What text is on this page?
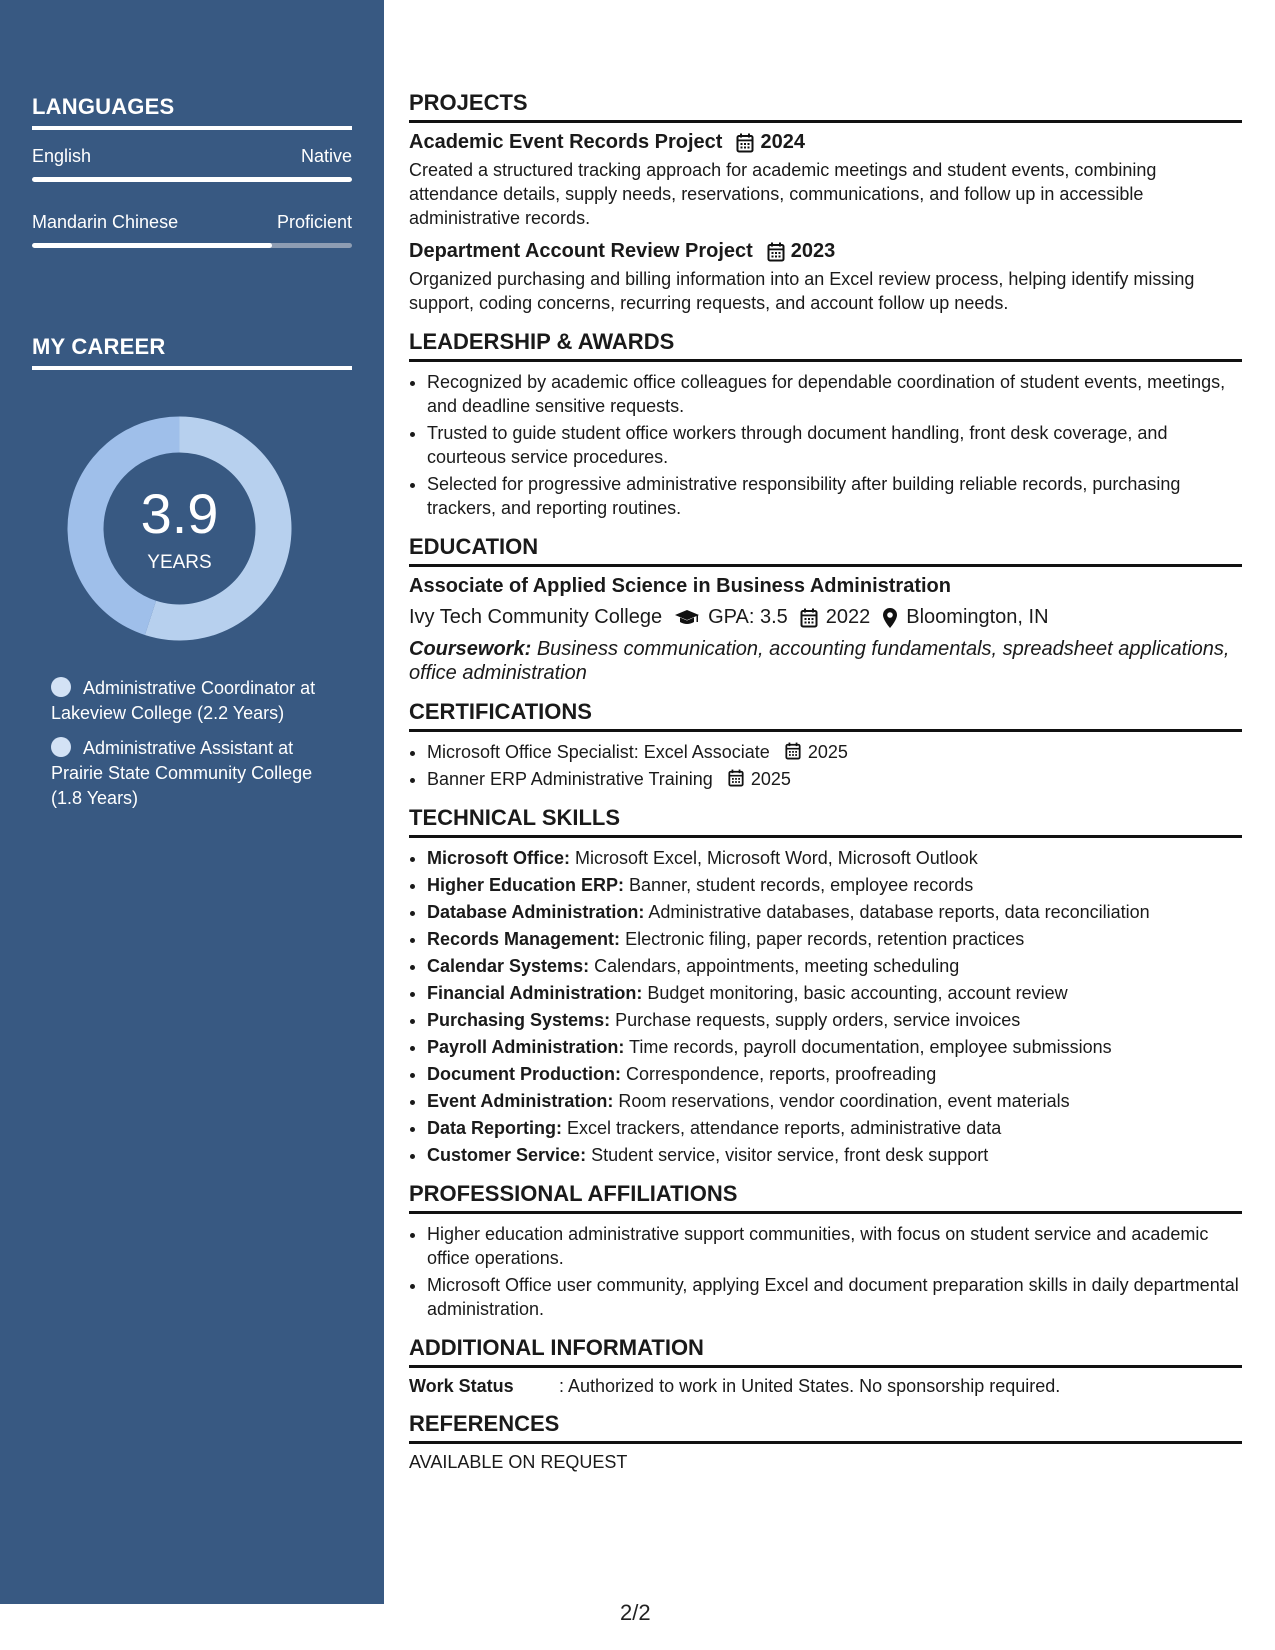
LANGUAGES
English	Native
Mandarin Chinese	Proficient
MY CAREER
3.9
YEARS
Administrative Coordinator at Lakeview College (2.2 Years)
Administrative Assistant at Prairie State Community College (1.8 Years)
PROJECTS
Academic Event Records Project 2024
Created a structured tracking approach for academic meetings and student events, combining attendance details, supply needs, reservations, communications, and follow up in accessible administrative records.
Department Account Review Project 2023
Organized purchasing and billing information into an Excel review process, helping identify missing support, coding concerns, recurring requests, and account follow up needs.
LEADERSHIP & AWARDS
• Recognized by academic office colleagues for dependable coordination of student events, meetings, and deadline sensitive requests.
• Trusted to guide student office workers through document handling, front desk coverage, and courteous service procedures.
• Selected for progressive administrative responsibility after building reliable records, purchasing trackers, and reporting routines.
EDUCATION
Associate of Applied Science in Business Administration
Ivy Tech Community College GPA: 3.5 2022 Bloomington, IN
Coursework: Business communication, accounting fundamentals, spreadsheet applications, office administration
CERTIFICATIONS
• Microsoft Office Specialist: Excel Associate 2025
• Banner ERP Administrative Training 2025
TECHNICAL SKILLS
• Microsoft Office: Microsoft Excel, Microsoft Word, Microsoft Outlook
• Higher Education ERP: Banner, student records, employee records
• Database Administration: Administrative databases, database reports, data reconciliation
• Records Management: Electronic filing, paper records, retention practices
• Calendar Systems: Calendars, appointments, meeting scheduling
• Financial Administration: Budget monitoring, basic accounting, account review
• Purchasing Systems: Purchase requests, supply orders, service invoices
• Payroll Administration: Time records, payroll documentation, employee submissions
• Document Production: Correspondence, reports, proofreading
• Event Administration: Room reservations, vendor coordination, event materials
• Data Reporting: Excel trackers, attendance reports, administrative data
• Customer Service: Student service, visitor service, front desk support
PROFESSIONAL AFFILIATIONS
• Higher education administrative support communities, with focus on student service and academic office operations.
• Microsoft Office user community, applying Excel and document preparation skills in daily departmental administration.
ADDITIONAL INFORMATION
Work Status	: Authorized to work in United States. No sponsorship required.
REFERENCES
AVAILABLE ON REQUEST
2/2
